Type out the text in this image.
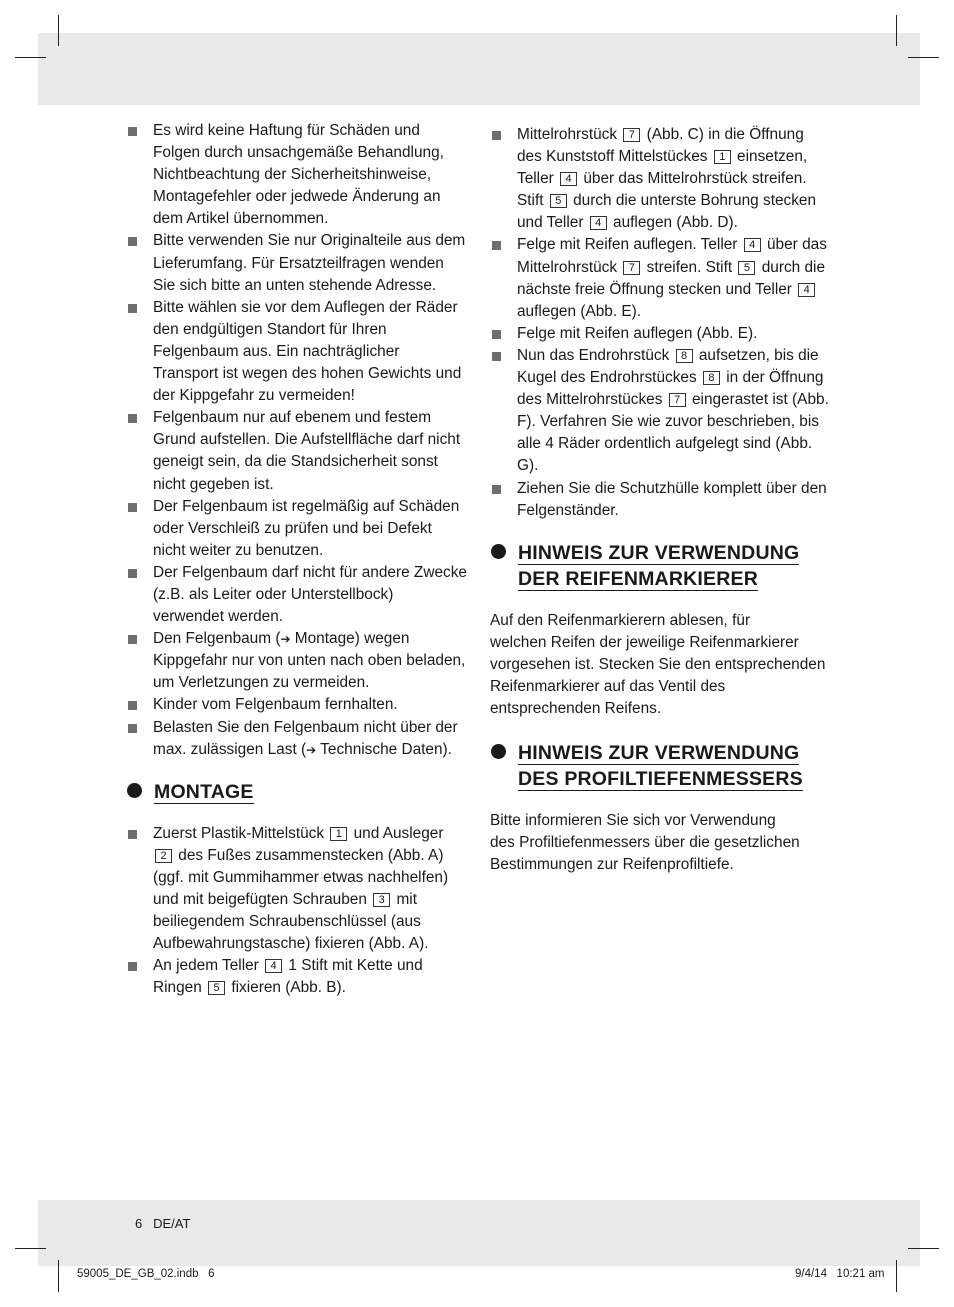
Es wird keine Haftung für Schäden und Folgen durch unsachgemäße Behandlung, Nichtbeachtung der Sicherheitshinweise, Montagefehler oder jedwede Änderung an dem Artikel übernommen.
Bitte verwenden Sie nur Originalteile aus dem Lieferumfang. Für Ersatzteilfragen wenden Sie sich bitte an unten stehende Adresse.
Bitte wählen sie vor dem Auflegen der Räder den endgültigen Standort für Ihren Felgenbaum aus. Ein nachträglicher Transport ist wegen des hohen Gewichts und der Kippgefahr zu vermeiden!
Felgenbaum nur auf ebenem und festem Grund aufstellen. Die Aufstellfläche darf nicht geneigt sein, da die Standsicherheit sonst nicht gegeben ist.
Der Felgenbaum ist regelmäßig auf Schäden oder Verschleiß zu prüfen und bei Defekt nicht weiter zu benutzen.
Der Felgenbaum darf nicht für andere Zwecke (z.B. als Leiter oder Unterstellbock) verwendet werden.
Den Felgenbaum (➔ Montage) wegen Kippgefahr nur von unten nach oben beladen, um Verletzungen zu vermeiden.
Kinder vom Felgenbaum fernhalten.
Belasten Sie den Felgenbaum nicht über der max. zulässigen Last (➔ Technische Daten).
MONTAGE
Zuerst Plastik-Mittelstück 1 und Ausleger 2 des Fußes zusammenstecken (Abb. A) (ggf. mit Gummihammer etwas nachhelfen) und mit beigefügten Schrauben 3 mit beiliegendem Schraubenschlüssel (aus Aufbewahrungstasche) fixieren (Abb. A).
An jedem Teller 4 1 Stift mit Kette und Ringen 5 fixieren (Abb. B).
Mittelrohrstück 7 (Abb. C) in die Öffnung des Kunststoff Mittelstückes 1 einsetzen, Teller 4 über das Mittelrohrstück streifen. Stift 5 durch die unterste Bohrung stecken und Teller 4 auflegen (Abb. D).
Felge mit Reifen auflegen. Teller 4 über das Mittelrohrstück 7 streifen. Stift 5 durch die nächste freie Öffnung stecken und Teller 4 auflegen (Abb. E).
Felge mit Reifen auflegen (Abb. E).
Nun das Endrohrstück 8 aufsetzen, bis die Kugel des Endrohrstückes 8 in der Öffnung des Mittelrohrstückes 7 eingerastet ist (Abb. F). Verfahren Sie wie zuvor beschrieben, bis alle 4 Räder ordentlich aufgelegt sind (Abb. G).
Ziehen Sie die Schutzhülle komplett über den Felgenständer.
HINWEIS ZUR VERWENDUNG
DER REIFENMARKIERER

Auf den Reifenmarkierern ablesen, für
welchen Reifen der jeweilige Reifenmarkierer
vorgesehen ist. Stecken Sie den entsprechenden
Reifenmarkierer auf das Ventil des
entsprechenden Reifens.

HINWEIS ZUR VERWENDUNG
DES PROFILTIEFENMESSERS

Bitte informieren Sie sich vor Verwendung
des Profiltiefenmessers über die gesetzlichen
Bestimmungen zur Reifenprofiltiefe.

6 DE/AT
59005_DE_GB_02.indb   6	9/4/14   10:21 am
